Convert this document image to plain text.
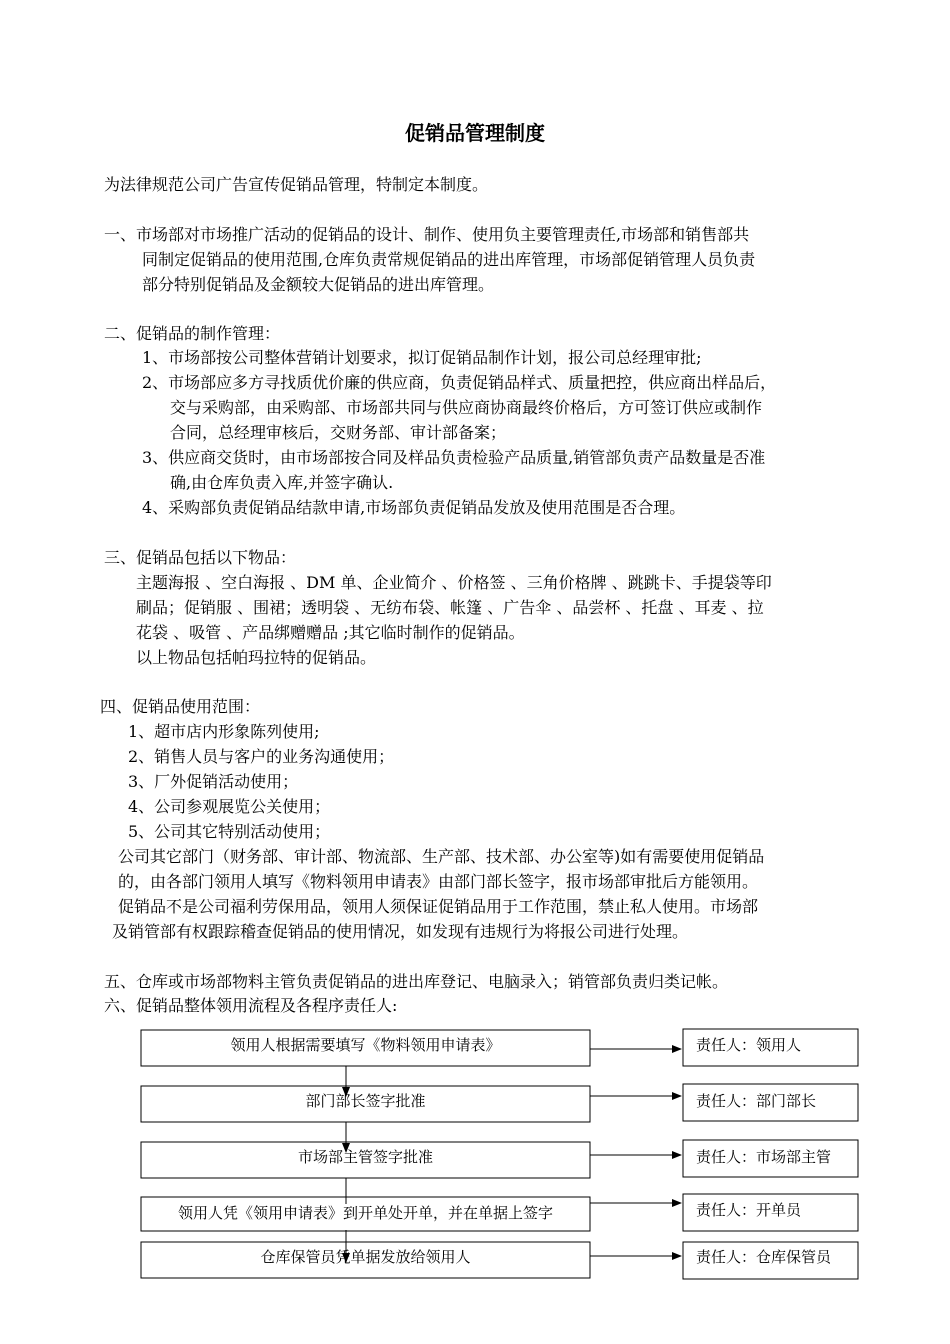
促销品管理制度
为法律规范公司广告宣传促销品管理，特制定本制度。
一、市场部对市场推广活动的促销品的设计、制作、使用负主要管理责任,市场部和销售部共
同制定促销品的使用范围,仓库负责常规促销品的进出库管理，市场部促销管理人员负责
部分特别促销品及金额较大促销品的进出库管理。
二、促销品的制作管理：
1、市场部按公司整体营销计划要求，拟订促销品制作计划，报公司总经理审批;
2、市场部应多方寻找质优价廉的供应商，负责促销品样式、质量把控，供应商出样品后，
交与采购部，由采购部、市场部共同与供应商协商最终价格后，方可签订供应或制作
合同，总经理审核后，交财务部、审计部备案；
3、供应商交货时，由市场部按合同及样品负责检验产品质量,销管部负责产品数量是否准
确,由仓库负责入库,并签字确认.
4、采购部负责促销品结款申请,市场部负责促销品发放及使用范围是否合理。
三、促销品包括以下物品：
主题海报 、空白海报 、DM 单、企业简介 、价格签 、三角价格牌 、跳跳卡、手提袋等印
刷品；促销服 、围裙；透明袋 、无纺布袋、帐篷 、广告伞 、品尝杯 、托盘 、耳麦 、拉
花袋 、吸管 、产品绑赠赠品 ;其它临时制作的促销品。
以上物品包括帕玛拉特的促销品。
四、促销品使用范围：
1、超市店内形象陈列使用;
2、销售人员与客户的业务沟通使用；
3、厂外促销活动使用；
4、公司参观展览公关使用；
5、公司其它特别活动使用；
公司其它部门（财务部、审计部、物流部、生产部、技术部、办公室等)如有需要使用促销品
的，由各部门领用人填写《物料领用申请表》由部门部长签字，报市场部审批后方能领用。
促销品不是公司福利劳保用品，领用人须保证促销品用于工作范围，禁止私人使用。市场部
及销管部有权跟踪稽查促销品的使用情况，如发现有违规行为将报公司进行处理。
五、仓库或市场部物料主管负责促销品的进出库登记、电脑录入；销管部负责归类记帐。
六、促销品整体领用流程及各程序责任人:
领用人根据需要填写《物料领用申请表》
部门部长签字批准
市场部主管签字批准
领用人凭《领用申请表》到开单处开单，并在单据上签字
仓库保管员凭单据发放给领用人
责任人：领用人
责任人：部门部长
责任人：市场部主管
责任人：开单员
责任人：仓库保管员
